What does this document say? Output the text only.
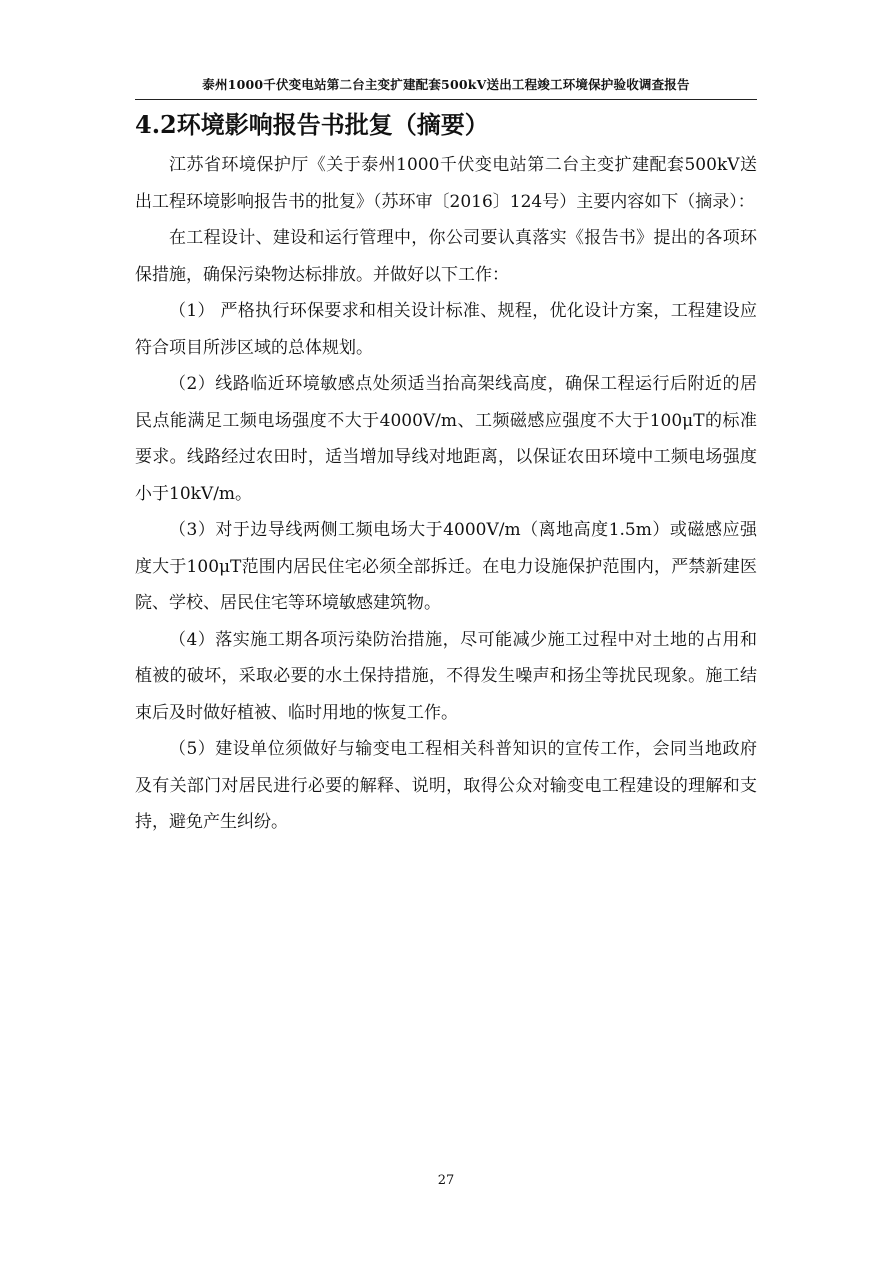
泰州1000千伏变电站第二台主变扩建配套500kV送出工程竣工环境保护验收调查报告
4.2环境影响报告书批复（摘要）

江苏省环境保护厅《关于泰州1000千伏变电站第二台主变扩建配套500kV送出工程环境影响报告书的批复》（苏环审〔2016〕124号）主要内容如下（摘录）：

在工程设计、建设和运行管理中，你公司要认真落实《报告书》提出的各项环保措施，确保污染物达标排放。并做好以下工作：

（1） 严格执行环保要求和相关设计标准、规程，优化设计方案，工程建设应符合项目所涉区域的总体规划。

（2）线路临近环境敏感点处须适当抬高架线高度，确保工程运行后附近的居民点能满足工频电场强度不大于4000V/m、工频磁感应强度不大于100μT的标准要求。线路经过农田时，适当增加导线对地距离，以保证农田环境中工频电场强度小于10kV/m。

（3）对于边导线两侧工频电场大于4000V/m（离地高度1.5m）或磁感应强度大于100μT范围内居民住宅必须全部拆迁。在电力设施保护范围内，严禁新建医院、学校、居民住宅等环境敏感建筑物。

（4）落实施工期各项污染防治措施，尽可能减少施工过程中对土地的占用和植被的破坏，采取必要的水土保持措施，不得发生噪声和扬尘等扰民现象。施工结束后及时做好植被、临时用地的恢复工作。

（5）建设单位须做好与输变电工程相关科普知识的宣传工作，会同当地政府及有关部门对居民进行必要的解释、说明，取得公众对输变电工程建设的理解和支持，避免产生纠纷。

27
